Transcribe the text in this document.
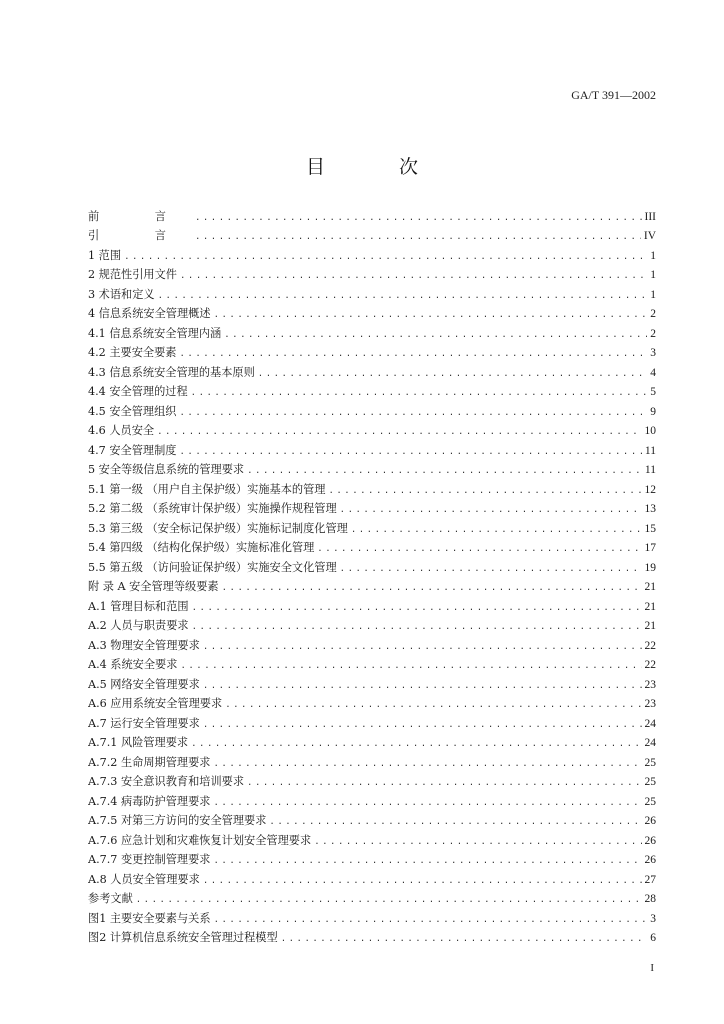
GA/T 391—2002
目 次
前 言 .....	III
引 言 .....	IV
1 范围 .....	1
2 规范性引用文件 .....	1
3 术语和定义 .....	1
4 信息系统安全管理概述 .....	2
4.1 信息系统安全管理内涵 .....	2
4.2 主要安全要素 .....	3
4.3 信息系统安全管理的基本原则 .....	4
4.4 安全管理的过程 .....	5
4.5 安全管理组织 .....	9
4.6 人员安全 .....	10
4.7 安全管理制度 .....	11
5 安全等级信息系统的管理要求 .....	11
5.1 第一级 （用户自主保护级）实施基本的管理 .....	12
5.2 第二级 （系统审计保护级）实施操作规程管理 .....	13
5.3 第三级 （安全标记保护级）实施标记制度化管理 .....	15
5.4 第四级 （结构化保护级）实施标准化管理 .....	17
5.5 第五级 （访问验证保护级）实施安全文化管理 .....	19
附 录 A 安全管理等级要素 .....	21
A.1 管理目标和范围 .....	21
A.2 人员与职责要求 .....	21
A.3 物理安全管理要求 .....	22
A.4 系统安全要求 .....	22
A.5 网络安全管理要求 .....	23
A.6 应用系统安全管理要求 .....	23
A.7 运行安全管理要求 .....	24
A.7.1 风险管理要求 .....	24
A.7.2 生命周期管理要求 .....	25
A.7.3 安全意识教育和培训要求 .....	25
A.7.4 病毒防护管理要求 .....	25
A.7.5 对第三方访问的安全管理要求 .....	26
A.7.6 应急计划和灾难恢复计划安全管理要求 .....	26
A.7.7 变更控制管理要求 .....	26
A.8 人员安全管理要求 .....	27
参考文献 .....	28
图1 主要安全要素与关系 .....	3
图2 计算机信息系统安全管理过程模型 .....	6
I
